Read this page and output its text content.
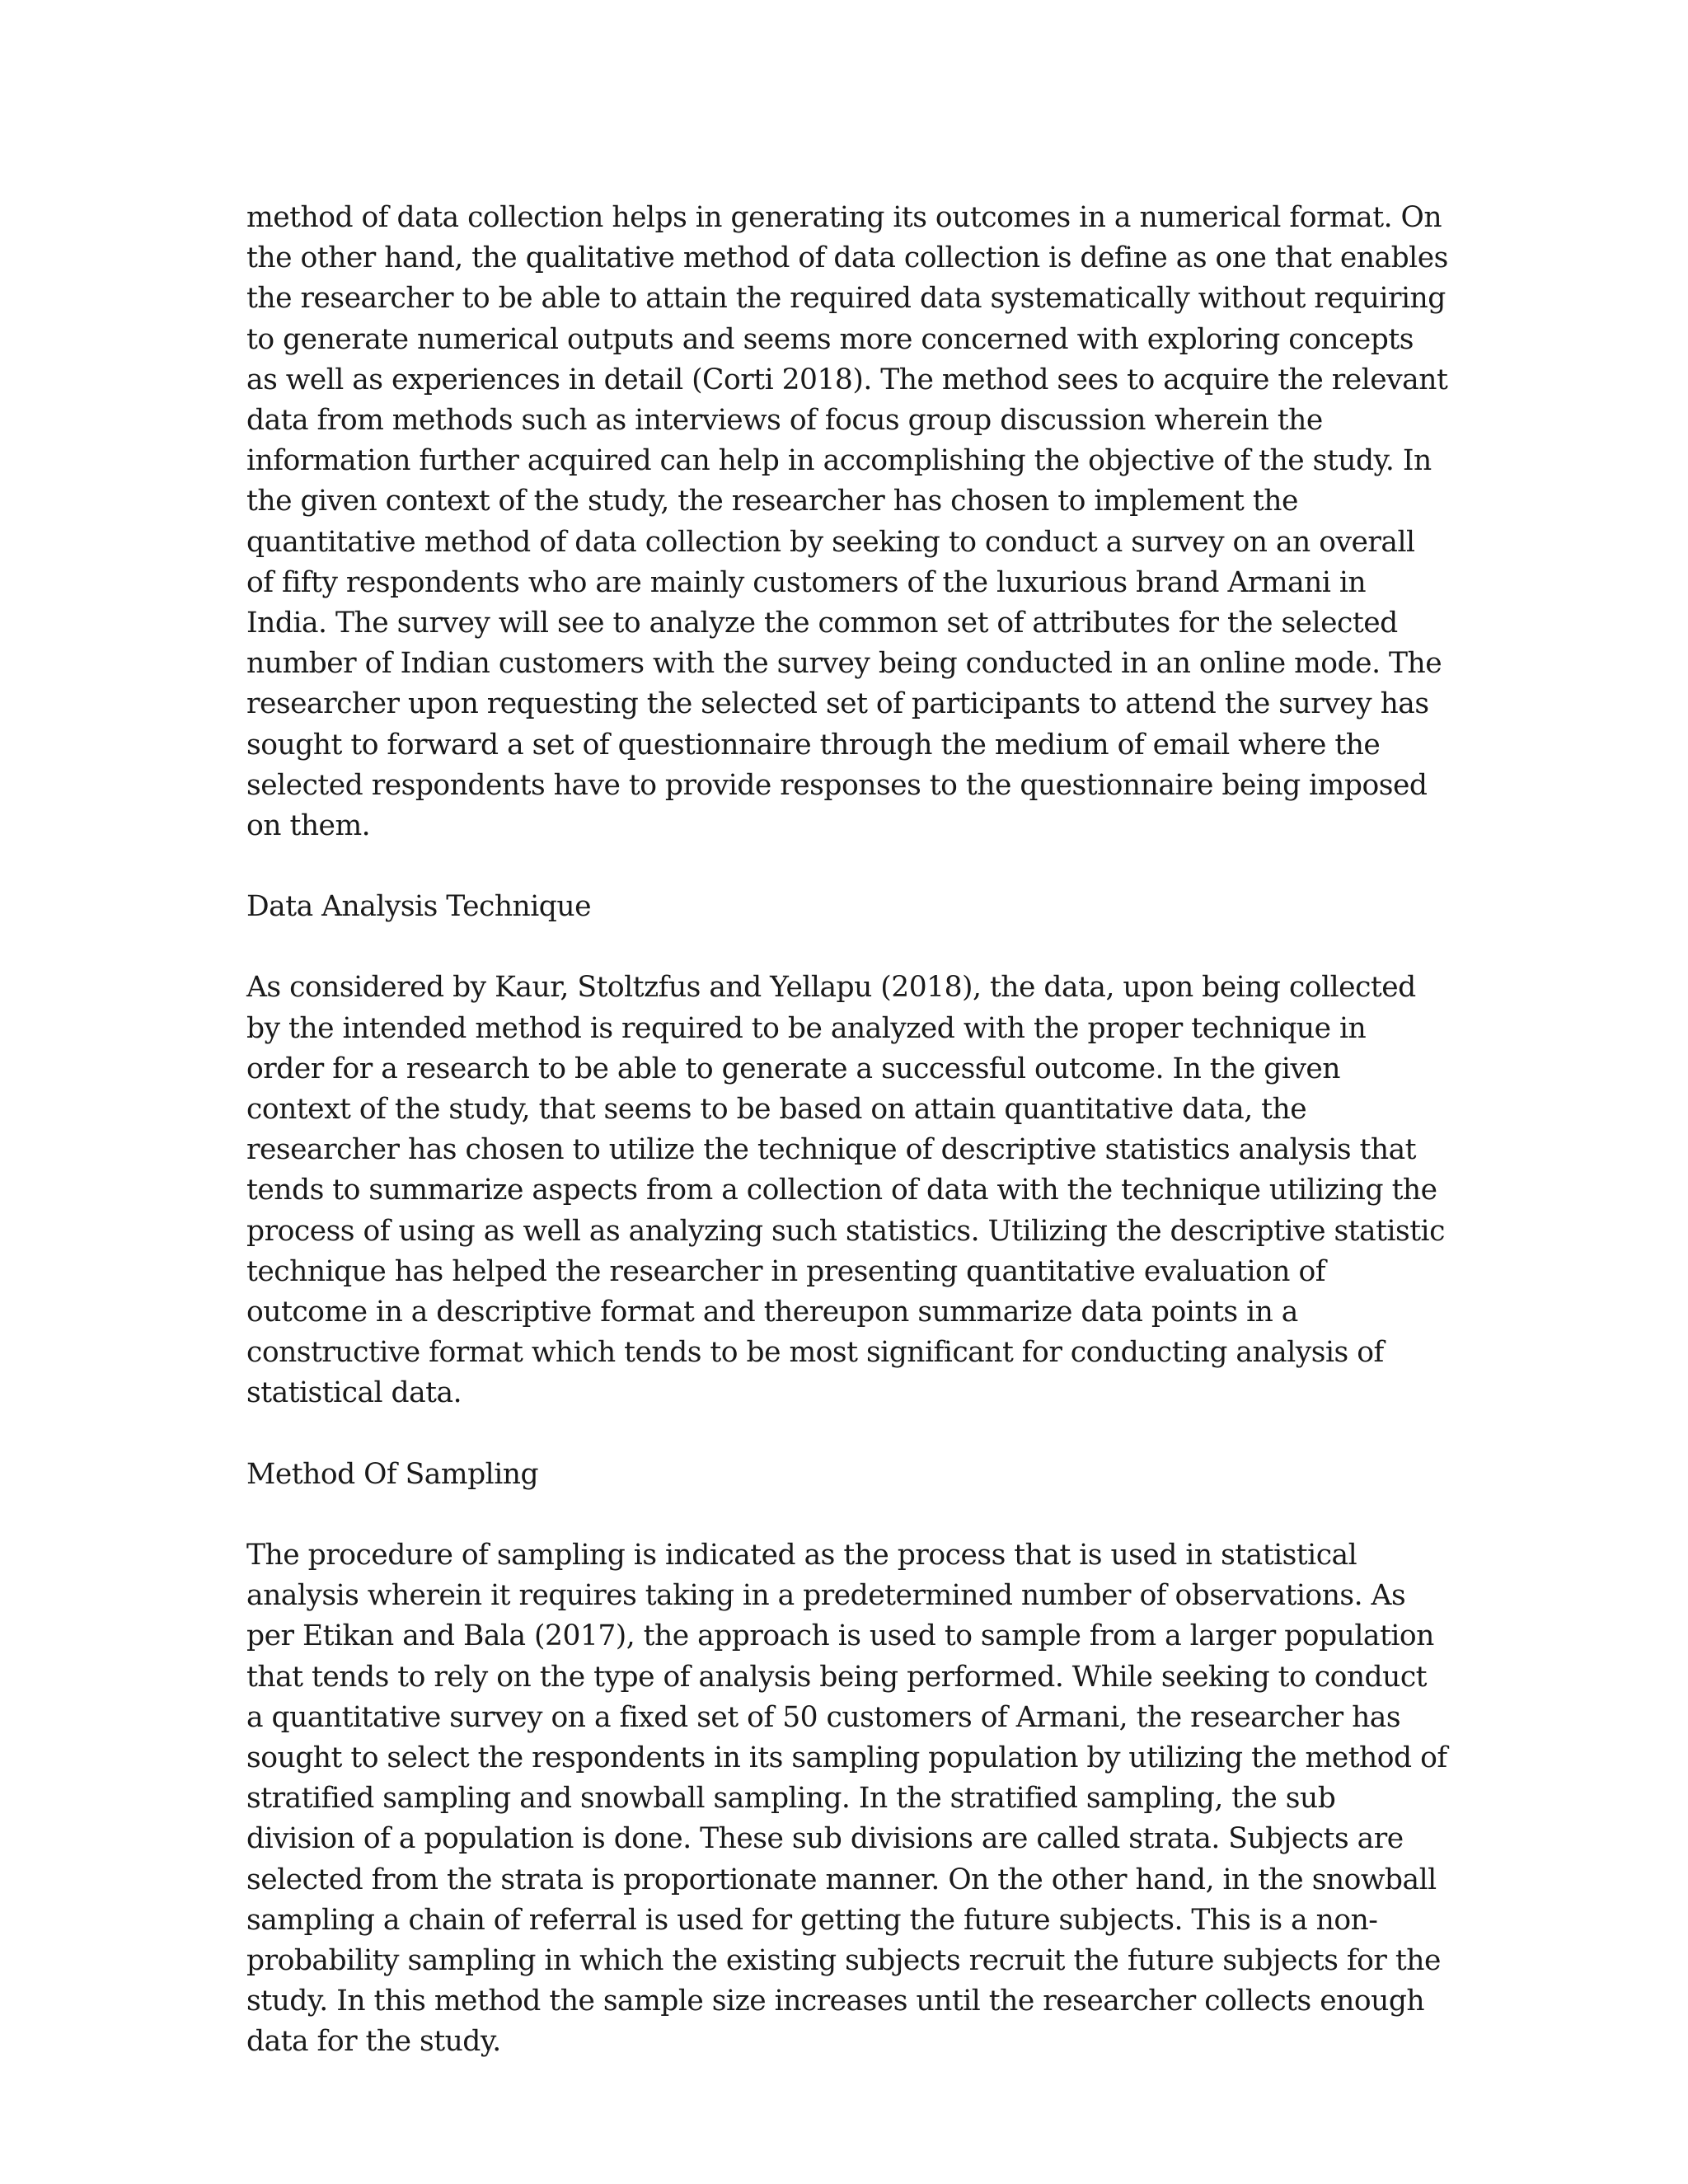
method of data collection helps in generating its outcomes in a numerical format. On the other hand, the qualitative method of data collection is define as one that enables the researcher to be able to attain the required data systematically without requiring to generate numerical outputs and seems more concerned with exploring concepts as well as experiences in detail (Corti 2018). The method sees to acquire the relevant data from methods such as interviews of focus group discussion wherein the information further acquired can help in accomplishing the objective of the study. In the given context of the study, the researcher has chosen to implement the quantitative method of data collection by seeking to conduct a survey on an overall of fifty respondents who are mainly customers of the luxurious brand Armani in India. The survey will see to analyze the common set of attributes for the selected number of Indian customers with the survey being conducted in an online mode. The researcher upon requesting the selected set of participants to attend the survey has sought to forward a set of questionnaire through the medium of email where the selected respondents have to provide responses to the questionnaire being imposed on them.

Data Analysis Technique

As considered by Kaur, Stoltzfus and Yellapu (2018), the data, upon being collected by the intended method is required to be analyzed with the proper technique in order for a research to be able to generate a successful outcome. In the given context of the study, that seems to be based on attain quantitative data, the researcher has chosen to utilize the technique of descriptive statistics analysis that tends to summarize aspects from a collection of data with the technique utilizing the process of using as well as analyzing such statistics. Utilizing the descriptive statistic technique has helped the researcher in presenting quantitative evaluation of outcome in a descriptive format and thereupon summarize data points in a constructive format which tends to be most significant for conducting analysis of statistical data.

Method Of Sampling

The procedure of sampling is indicated as the process that is used in statistical analysis wherein it requires taking in a predetermined number of observations. As per Etikan and Bala (2017), the approach is used to sample from a larger population that tends to rely on the type of analysis being performed. While seeking to conduct a quantitative survey on a fixed set of 50 customers of Armani, the researcher has sought to select the respondents in its sampling population by utilizing the method of stratified sampling and snowball sampling. In the stratified sampling, the sub division of a population is done. These sub divisions are called strata. Subjects are selected from the strata is proportionate manner. On the other hand, in the snowball sampling a chain of referral is used for getting the future subjects. This is a non- probability sampling in which the existing subjects recruit the future subjects for the study. In this method the sample size increases until the researcher collects enough data for the study.
